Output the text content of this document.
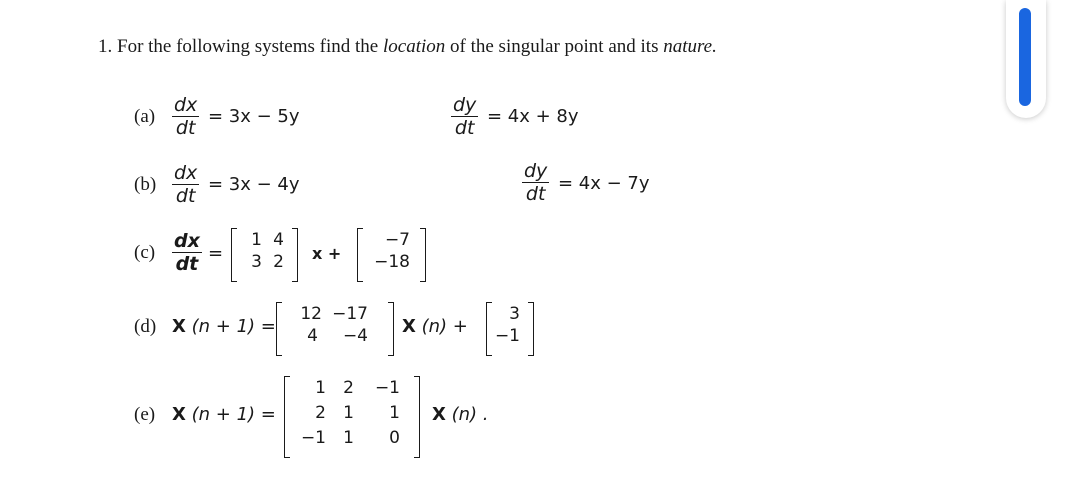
1. For the following systems find the location of the singular point and its nature.
$(a) \frac{dx}{dt} = 3x - 5y$	$\frac{dy}{dt} = 4x + 8y$
$(b) \frac{dx}{dt} = 3x - 4y$	$\frac{dy}{dt} = 4x - 7y$
$(c) \frac{dx}{dt}$ =
1 4
3 2 x +
−7
−18
(d) X (n + 1) =
12 −17
4	−4 X (n) +
3
−1
(e) X (n + 1) =
1	2	−1
2	1	1
−1	1	0
X (n) .
